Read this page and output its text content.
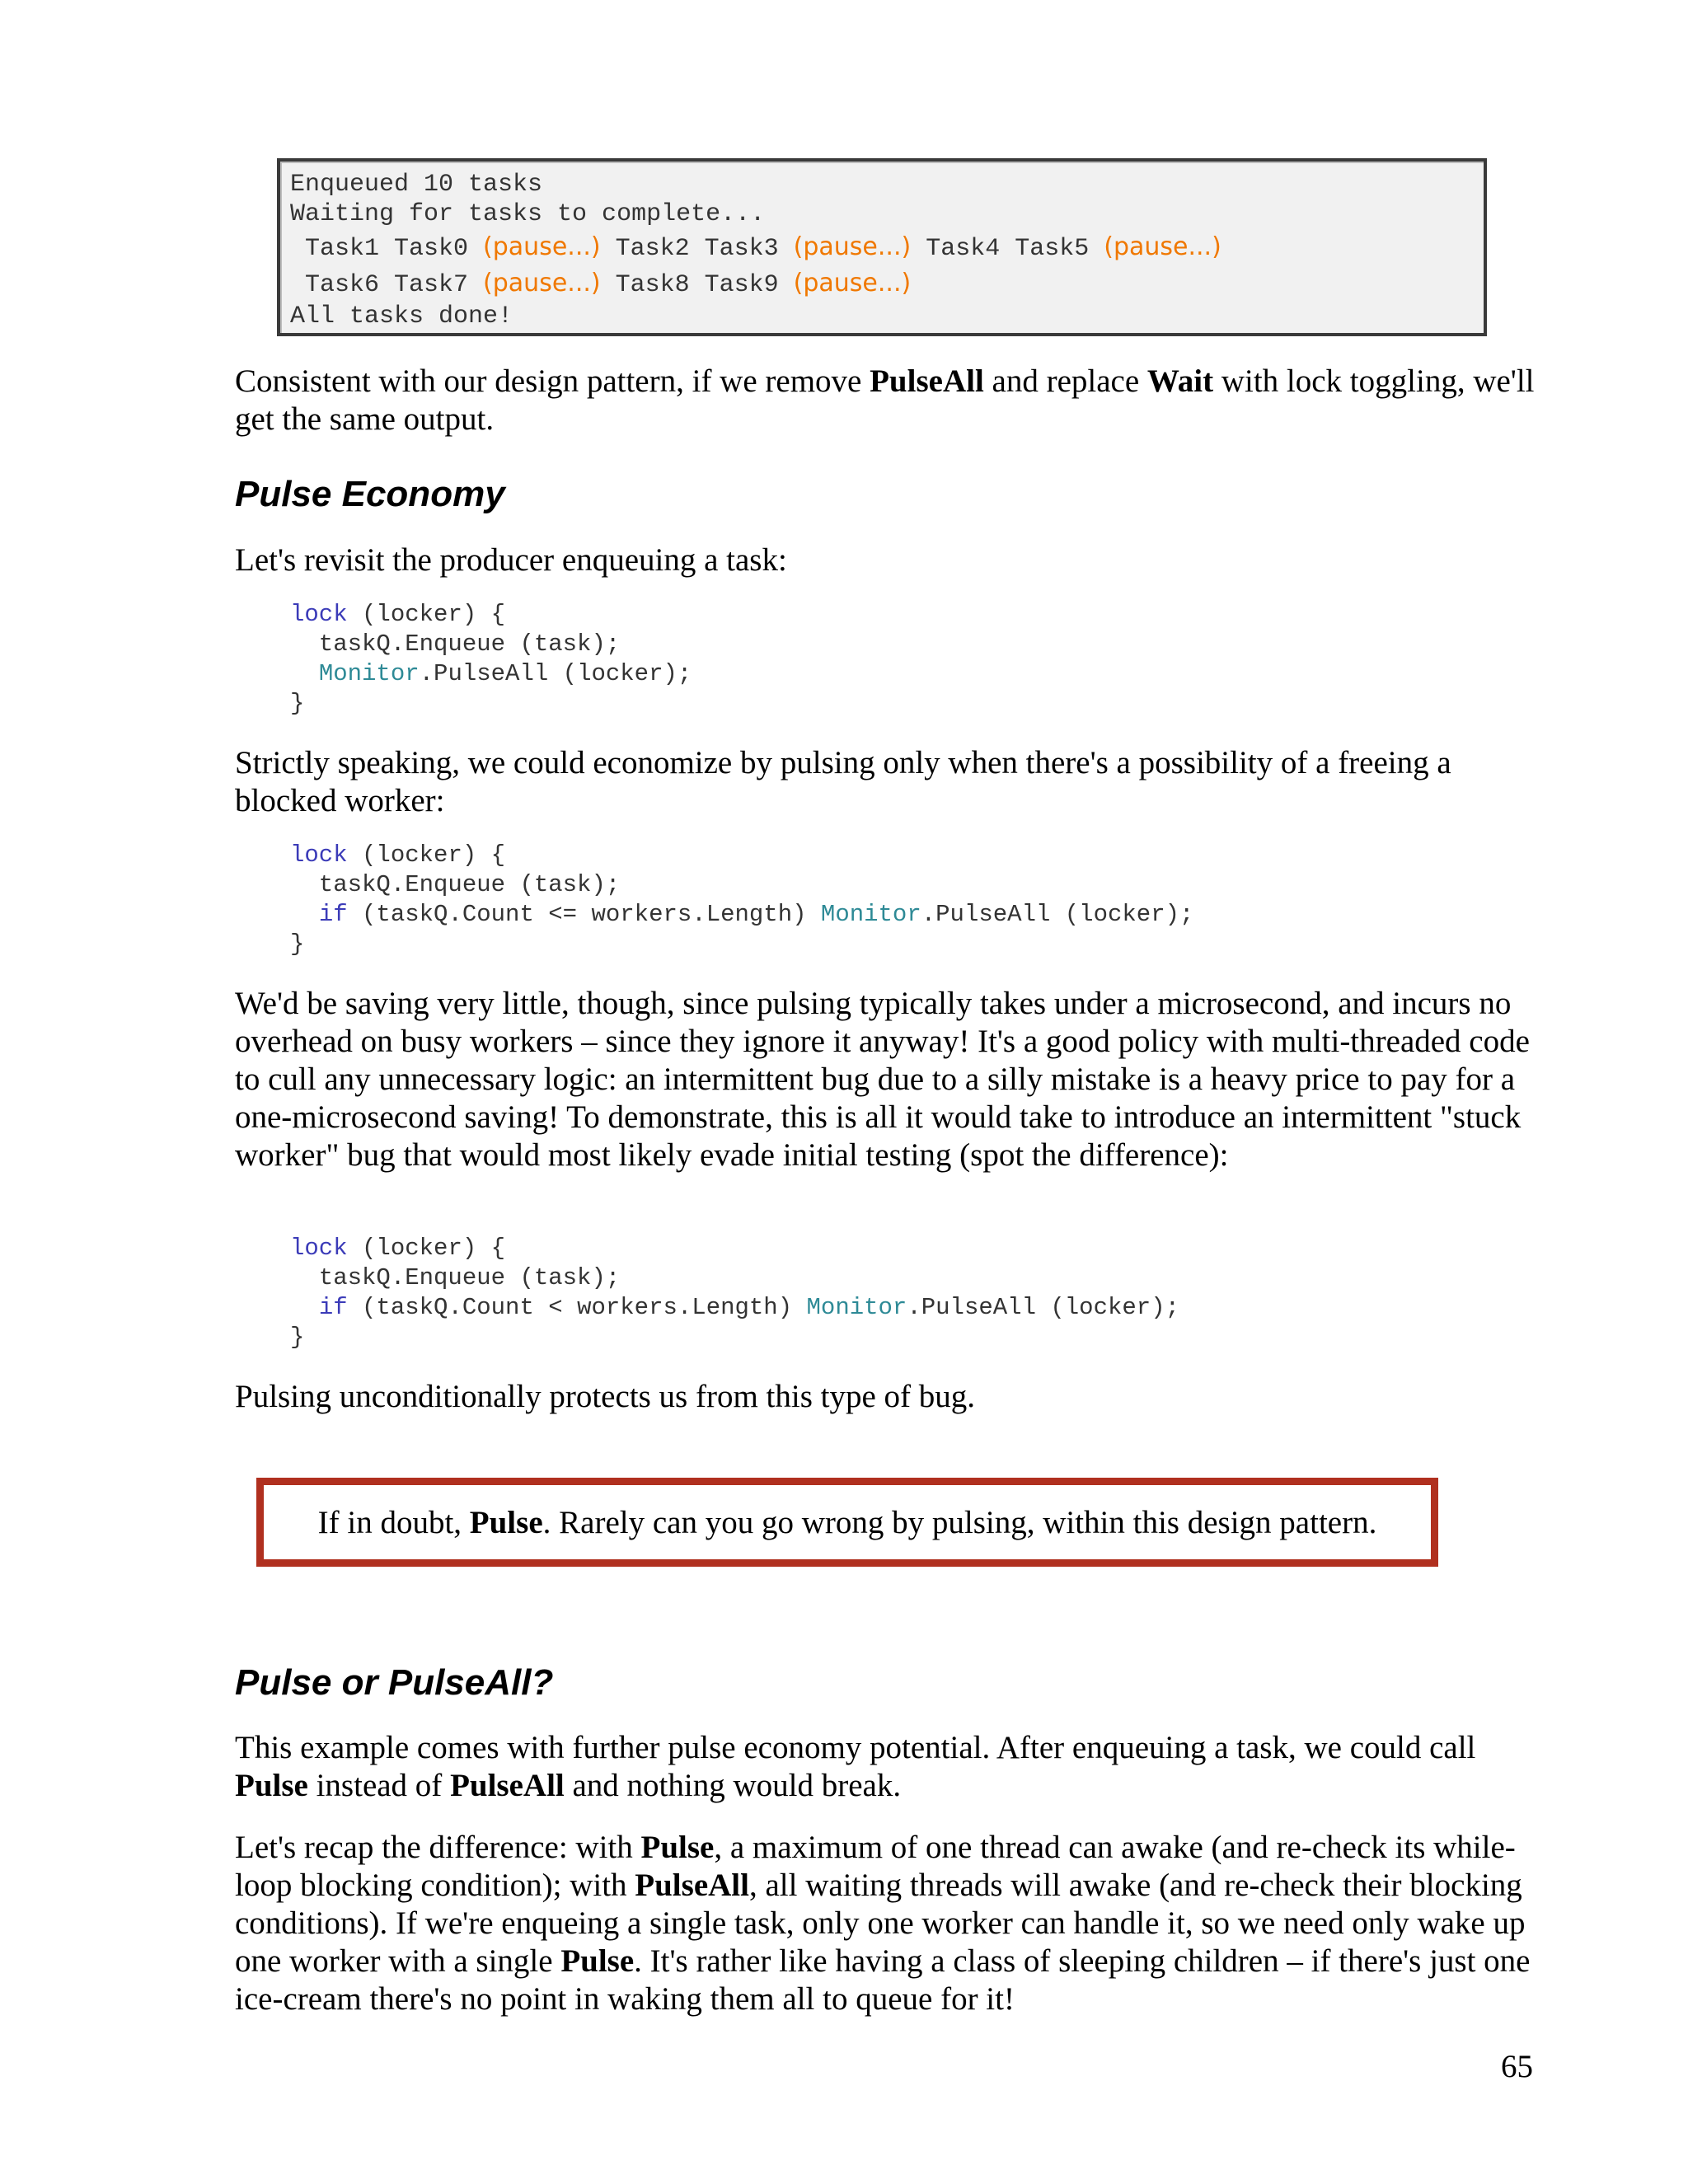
Enqueued 10 tasks
Waiting for tasks to complete...
Task1 Task0 (pause...) Task2 Task3 (pause...) Task4 Task5 (pause...)
Task6 Task7 (pause...) Task8 Task9 (pause...)
All tasks done!

Consistent with our design pattern, if we remove PulseAll and replace Wait with lock toggling, we'll get the same output.

Pulse Economy

Let's revisit the producer enqueuing a task:

lock (locker) {
taskQ.Enqueue (task);
Monitor.PulseAll (locker);
}

Strictly speaking, we could economize by pulsing only when there's a possibility of a freeing a blocked worker:

lock (locker) {
taskQ.Enqueue (task);
if (taskQ.Count <= workers.Length) Monitor.PulseAll (locker);
}

We'd be saving very little, though, since pulsing typically takes under a microsecond, and incurs no overhead on busy workers – since they ignore it anyway! It's a good policy with multi-threaded code to cull any unnecessary logic: an intermittent bug due to a silly mistake is a heavy price to pay for a one-microsecond saving! To demonstrate, this is all it would take to introduce an intermittent "stuck worker" bug that would most likely evade initial testing (spot the difference):

lock (locker) {
taskQ.Enqueue (task);
if (taskQ.Count < workers.Length) Monitor.PulseAll (locker);
}

Pulsing unconditionally protects us from this type of bug.

If in doubt, Pulse. Rarely can you go wrong by pulsing, within this design pattern.
Pulse or PulseAll?

This example comes with further pulse economy potential. After enqueuing a task, we could call Pulse instead of PulseAll and nothing would break.

Let's recap the difference: with Pulse, a maximum of one thread can awake (and re-check its while-loop blocking condition); with PulseAll, all waiting threads will awake (and re-check their blocking conditions). If we're enqueing a single task, only one worker can handle it, so we need only wake up one worker with a single Pulse. It's rather like having a class of sleeping children – if there's just one ice-cream there's no point in waking them all to queue for it!

65
